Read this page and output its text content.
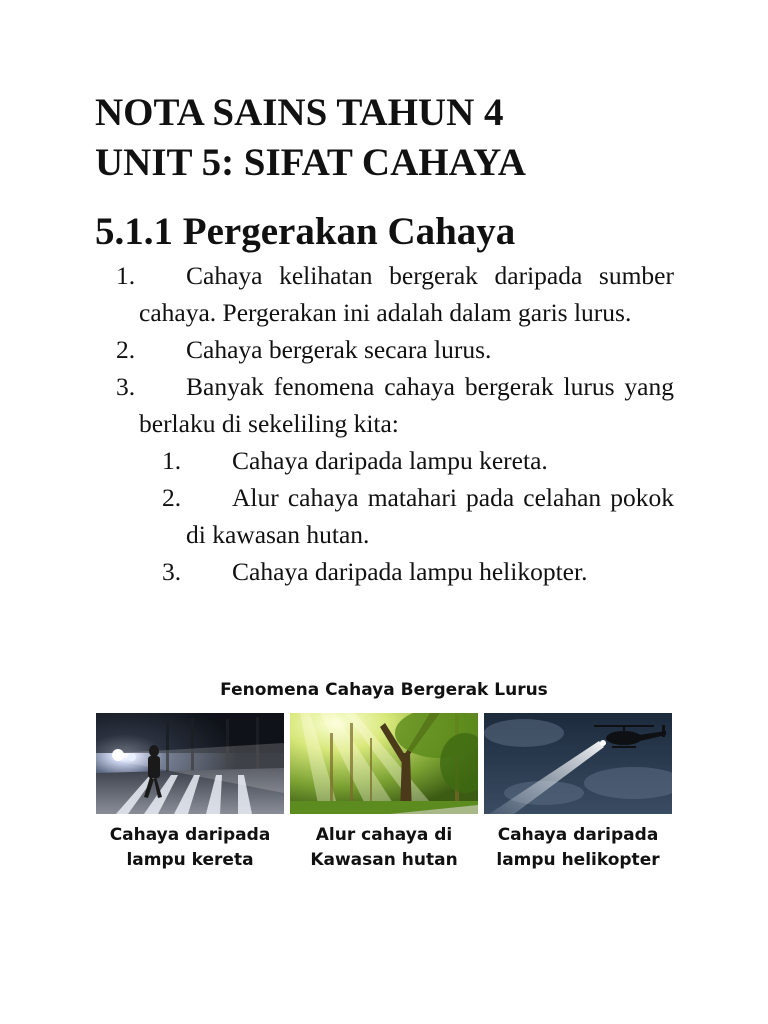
NOTA SAINS TAHUN 4
UNIT 5: SIFAT CAHAYA
5.1.1 Pergerakan Cahaya
1. Cahaya kelihatan bergerak daripada sumber cahaya. Pergerakan ini adalah dalam garis lurus.
2. Cahaya bergerak secara lurus.
3. Banyak fenomena cahaya bergerak lurus yang berlaku di sekeliling kita:
1. Cahaya daripada lampu kereta.
2. Alur cahaya matahari pada celahan pokok di kawasan hutan.
3. Cahaya daripada lampu helikopter.
Fenomena Cahaya Bergerak Lurus
Cahaya daripada
lampu kereta
Alur cahaya di
Kawasan hutan
Cahaya daripada
lampu helikopter
